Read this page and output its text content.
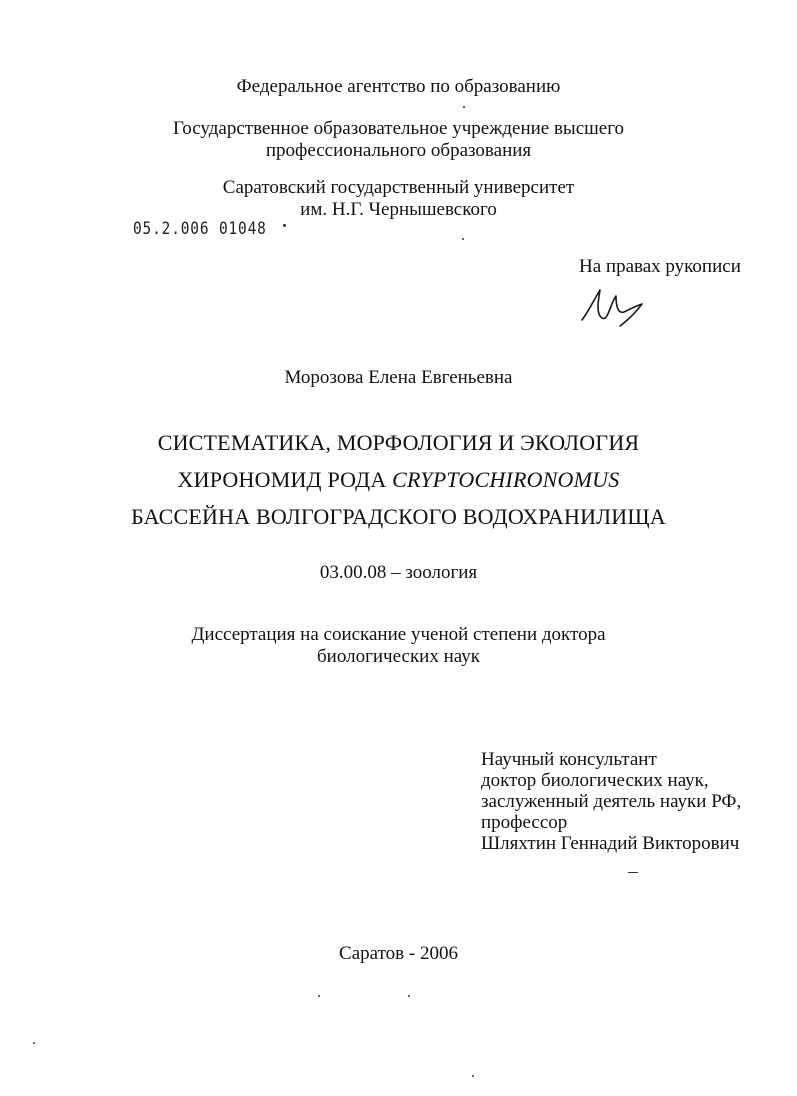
Федеральное агентство по образованию
Государственное образовательное учреждение высшего
профессионального образования
Саратовский государственный университет
им. Н.Г. Чернышевского
05.2.006 01048
На правах рукописи
Морозова Елена Евгеньевна
СИСТЕМАТИКА, МОРФОЛОГИЯ И ЭКОЛОГИЯ
ХИРОНОМИД РОДА CRYPTOCHIRONOMUS
БАССЕЙНА ВОЛГОГРАДСКОГО ВОДОХРАНИЛИЩА
03.00.08 – зоология
Диссертация на соискание ученой степени доктора
биологических наук
Научный консультант
доктор биологических наук,
заслуженный деятель науки РФ,
профессор
Шляхтин Геннадий Викторович
Саратов - 2006
